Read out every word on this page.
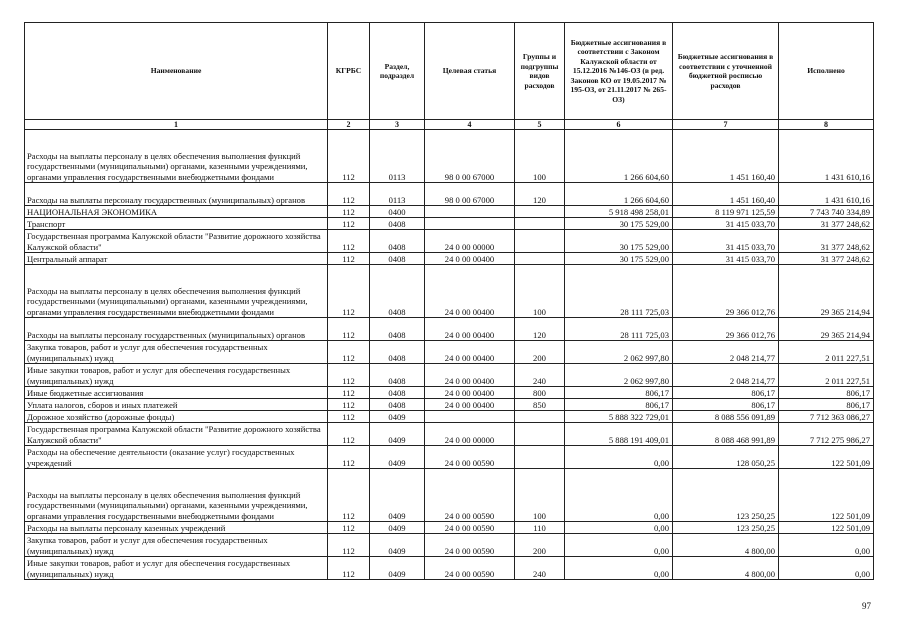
Наименование	КГРБС	Раздел, подраздел	Целевая статья	Группы и подгруппы видов расходов	Бюджетные ассигнования в соответствии с Законом Калужской области от 15.12.2016 №146-ОЗ (в ред. Законов КО от 19.05.2017 № 195-ОЗ, от 21.11.2017 № 265-ОЗ)	Бюджетные ассигнования в соответствии с уточненной бюджетной росписью расходов	Исполнено
1	2	3	4	5	6	7	8
Расходы на выплаты персоналу в целях обеспечения выполнения функций государственными (муниципальными) органами, казенными учреждениями, органами управления государственными внебюджетными фондами	112	0113	98 0 00 67000	100	1 266 604,60	1 451 160,40	1 431 610,16
Расходы на выплаты персоналу государственных (муниципальных) органов	112	0113	98 0 00 67000	120	1 266 604,60	1 451 160,40	1 431 610,16
НАЦИОНАЛЬНАЯ ЭКОНОМИКА	112	0400			5 918 498 258,01	8 119 971 125,59	7 743 740 334,89
Транспорт	112	0408			30 175 529,00	31 415 033,70	31 377 248,62
Государственная программа Калужской области "Развитие дорожного хозяйства Калужской области"	112	0408	24 0 00 00000		30 175 529,00	31 415 033,70	31 377 248,62
Центральный аппарат	112	0408	24 0 00 00400		30 175 529,00	31 415 033,70	31 377 248,62
Расходы на выплаты персоналу в целях обеспечения выполнения функций государственными (муниципальными) органами, казенными учреждениями, органами управления государственными внебюджетными фондами	112	0408	24 0 00 00400	100	28 111 725,03	29 366 012,76	29 365 214,94
Расходы на выплаты персоналу государственных (муниципальных) органов	112	0408	24 0 00 00400	120	28 111 725,03	29 366 012,76	29 365 214,94
Закупка товаров, работ и услуг для обеспечения государственных (муниципальных) нужд	112	0408	24 0 00 00400	200	2 062 997,80	2 048 214,77	2 011 227,51
Иные закупки товаров, работ и услуг для обеспечения государственных (муниципальных) нужд	112	0408	24 0 00 00400	240	2 062 997,80	2 048 214,77	2 011 227,51
Иные бюджетные ассигнования	112	0408	24 0 00 00400	800	806,17	806,17	806,17
Уплата налогов, сборов и иных платежей	112	0408	24 0 00 00400	850	806,17	806,17	806,17
Дорожное хозяйство (дорожные фонды)	112	0409			5 888 322 729,01	8 088 556 091,89	7 712 363 086,27
Государственная программа Калужской области "Развитие дорожного хозяйства Калужской области"	112	0409	24 0 00 00000		5 888 191 409,01	8 088 468 991,89	7 712 275 986,27
Расходы на обеспечение деятельности (оказание услуг) государственных учреждений	112	0409	24 0 00 00590		0,00	128 050,25	122 501,09
Расходы на выплаты персоналу в целях обеспечения выполнения функций государственными (муниципальными) органами, казенными учреждениями, органами управления государственными внебюджетными фондами	112	0409	24 0 00 00590	100	0,00	123 250,25	122 501,09
Расходы на выплаты персоналу казенных учреждений	112	0409	24 0 00 00590	110	0,00	123 250,25	122 501,09
Закупка товаров, работ и услуг для обеспечения государственных (муниципальных) нужд	112	0409	24 0 00 00590	200	0,00	4 800,00	0,00
Иные закупки товаров, работ и услуг для обеспечения государственных (муниципальных) нужд	112	0409	24 0 00 00590	240	0,00	4 800,00	0,00
97
